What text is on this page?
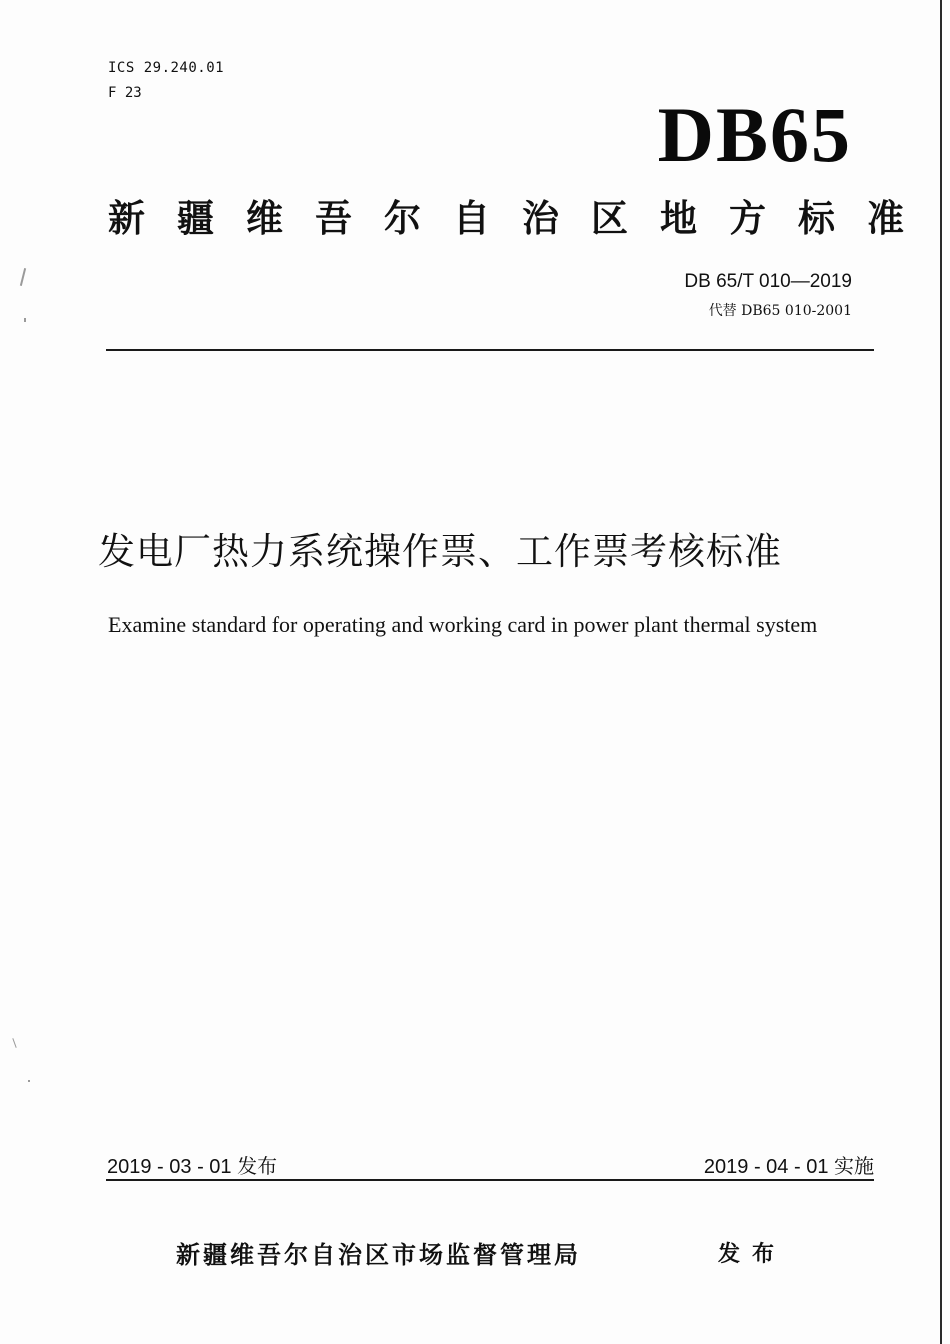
ICS 29.240.01
F 23	DB65
新疆维吾尔自治区地方标准
DB 65/T 010—2019
代替 DB65 010-2001
发电厂热力系统操作票、工作票考核标准
Examine standard for operating and working card in power plant thermal system
2019 - 03 - 01 发布	2019 - 04 - 01 实施
新疆维吾尔自治区市场监督管理局	发布
